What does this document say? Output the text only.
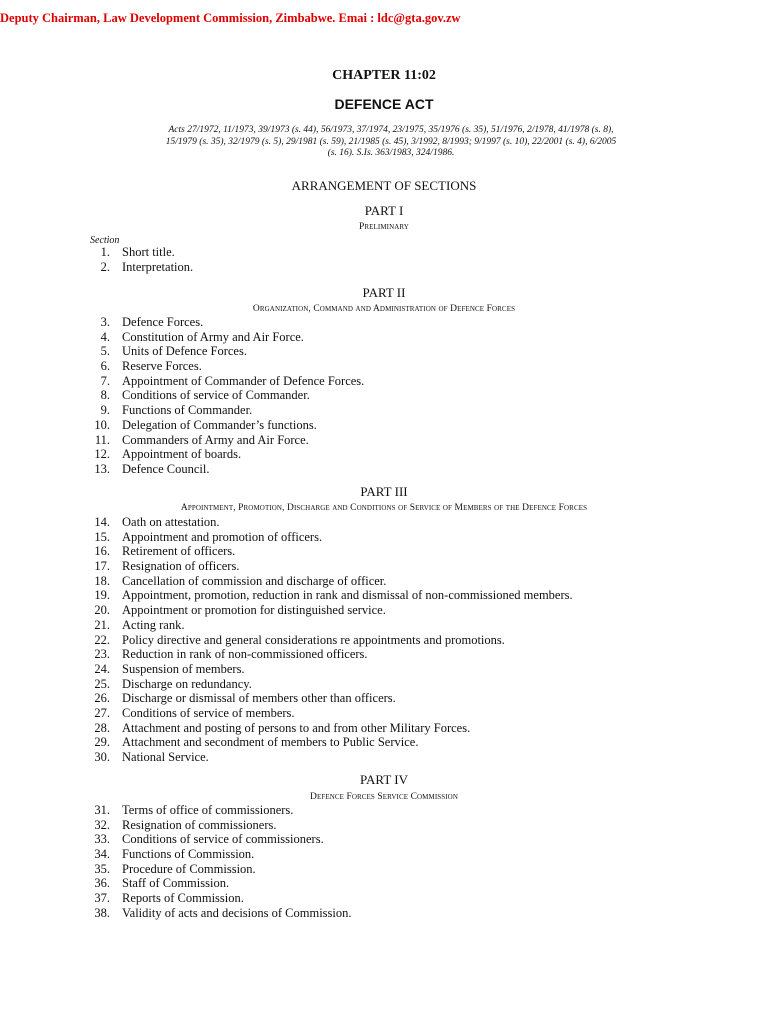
Deputy Chairman, Law Development Commission, Zimbabwe. Emai : ldc@gta.gov.zw
CHAPTER 11:02
DEFENCE ACT
Acts 27/1972, 11/1973, 39/1973 (s. 44), 56/1973, 37/1974, 23/1975, 35/1976 (s. 35), 51/1976, 2/1978, 41/1978 (s. 8), 15/1979 (s. 35), 32/1979 (s. 5), 29/1981 (s. 59), 21/1985 (s. 45), 3/1992, 8/1993; 9/1997 (s. 10), 22/2001 (s. 4), 6/2005 (s. 16). S.Is. 363/1983, 324/1986.
ARRANGEMENT OF SECTIONS
PART I
Preliminary
Section
1. Short title.
2. Interpretation.
PART II
Organization, Command and Administration of Defence Forces
3. Defence Forces.
4. Constitution of Army and Air Force.
5. Units of Defence Forces.
6. Reserve Forces.
7. Appointment of Commander of Defence Forces.
8. Conditions of service of Commander.
9. Functions of Commander.
10. Delegation of Commander’s functions.
11. Commanders of Army and Air Force.
12. Appointment of boards.
13. Defence Council.
PART III
Appointment, Promotion, Discharge and Conditions of Service of Members of the Defence Forces
14. Oath on attestation.
15. Appointment and promotion of officers.
16. Retirement of officers.
17. Resignation of officers.
18. Cancellation of commission and discharge of officer.
19. Appointment, promotion, reduction in rank and dismissal of non-commissioned members.
20. Appointment or promotion for distinguished service.
21. Acting rank.
22. Policy directive and general considerations re appointments and promotions.
23. Reduction in rank of non-commissioned officers.
24. Suspension of members.
25. Discharge on redundancy.
26. Discharge or dismissal of members other than officers.
27. Conditions of service of members.
28. Attachment and posting of persons to and from other Military Forces.
29. Attachment and secondment of members to Public Service.
30. National Service.
PART IV
Defence Forces Service Commission
31. Terms of office of commissioners.
32. Resignation of commissioners.
33. Conditions of service of commissioners.
34. Functions of Commission.
35. Procedure of Commission.
36. Staff of Commission.
37. Reports of Commission.
38. Validity of acts and decisions of Commission.
